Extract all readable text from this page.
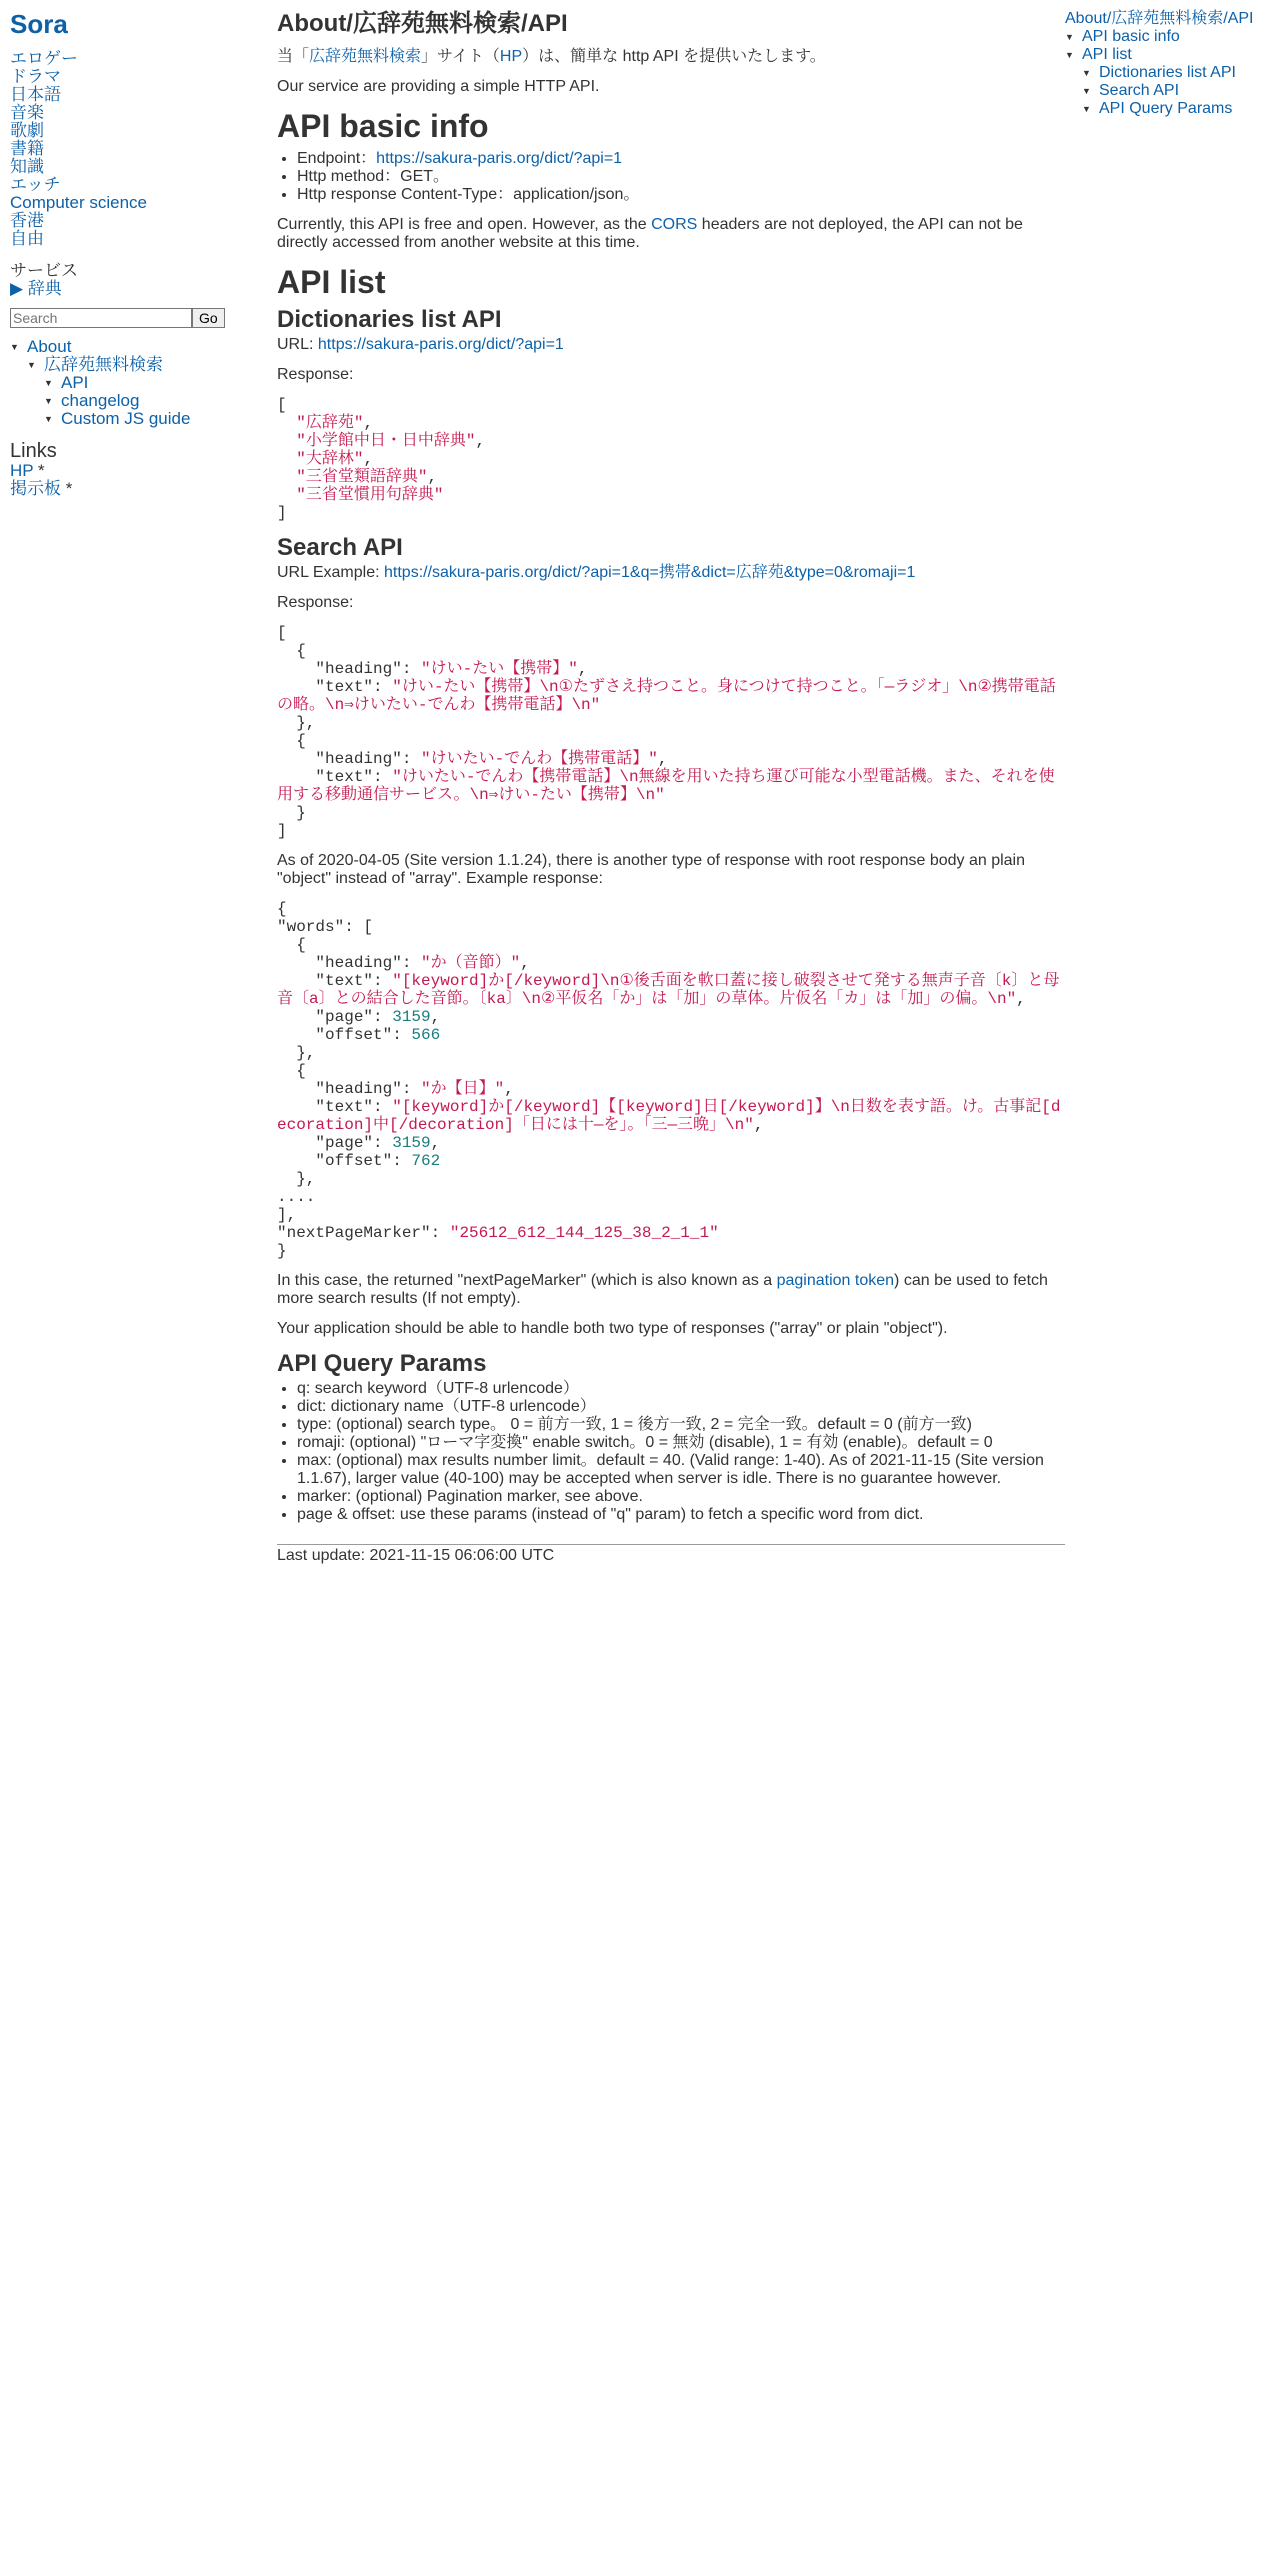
Sora
エロゲー
ドラマ
日本語
音楽
歌劇
書籍
知識
エッチ
Computer science
香港
自由
サービス
▶ 辞典
Search
Go
▼ About
▼ 広辞苑無料検索
▼ API
▼ changelog
▼ Custom JS guide
Links
HP *
掲示板 *
About/広辞苑無料検索/API

当「広辞苑無料検索」サイト（HP）は、簡単な http API を提供いたします。

Our service are providing a simple HTTP API.

API basic info
• Endpoint：https://sakura-paris.org/dict/?api=1
• Http method：GET。
• Http response Content-Type：application/json。

Currently, this API is free and open. However, as the CORS headers are not deployed, the API can not be directly accessed from another website at this time.

API list
Dictionaries list API

URL: https://sakura-paris.org/dict/?api=1

Response:

[
"広辞苑",
"小学館中日・日中辞典",
"大辞林",
"三省堂類語辞典",
"三省堂慣用句辞典"
]
Search API

URL Example: https://sakura-paris.org/dict/?api=1&q=携帯&dict=広辞苑&type=0&romaji=1

Response:

[
{
"heading": "けい‐たい【携帯】",
"text": "けい‐たい【携帯】\n①たずさえ持つこと。身につけて持つこと。「―ラジオ」\n②携帯電話の略。\n⇒けいたい‐でんわ【携帯電話】\n"
},
{
"heading": "けいたい‐でんわ【携帯電話】",
"text": "けいたい‐でんわ【携帯電話】\n無線を用いた持ち運び可能な小型電話機。また、それを使用する移動通信サービス。\n⇒けい‐たい【携帯】\n"
}
]

As of 2020-04-05 (Site version 1.1.24), there is another type of response with root response body an plain "object" instead of "array". Example response:

{
"words": [
{
"heading": "か（音節）",
"text": "[keyword]か[/keyword]\n①後舌面を軟口蓋に接し破裂させて発する無声子音〔k〕と母音〔a〕との結合した音節。〔ka〕\n②平仮名「か」は「加」の草体。片仮名「カ」は「加」の偏。\n",
"page": 3159,
"offset": 566
},
{
"heading": "か【日】",
"text": "[keyword]か[/keyword]【[keyword]日[/keyword]】\n日数を表す語。け。古事記[decoration]中[/decoration]「日には十―を」。「三―三晩」\n",
"page": 3159,
"offset": 762
},
....
],
"nextPageMarker": "25612_612_144_125_38_2_1_1"
}

In this case, the returned "nextPageMarker" (which is also known as a pagination token) can be used to fetch more search results (If not empty).

Your application should be able to handle both two type of responses ("array" or plain "object").

API Query Params
• q: search keyword（UTF-8 urlencode）
• dict: dictionary name（UTF-8 urlencode）
• type: (optional) search type。 0 = 前方一致, 1 = 後方一致, 2 = 完全一致。default = 0 (前方一致)
• romaji: (optional) "ローマ字変換" enable switch。0 = 無効 (disable), 1 = 有効 (enable)。default = 0
• max: (optional) max results number limit。default = 40. (Valid range: 1-40). As of 2021-11-15 (Site version 1.1.67), larger value (40-100) may be accepted when server is idle. There is no guarantee however.
• marker: (optional) Pagination marker, see above.
• page & offset: use these params (instead of "q" param) to fetch a specific word from dict.
Last update: 2021-11-15 06:06:00 UTC
About/広辞苑無料検索/API
▼ API basic info
▼ API list
▼ Dictionaries list API
▼ Search API
▼ API Query Params
